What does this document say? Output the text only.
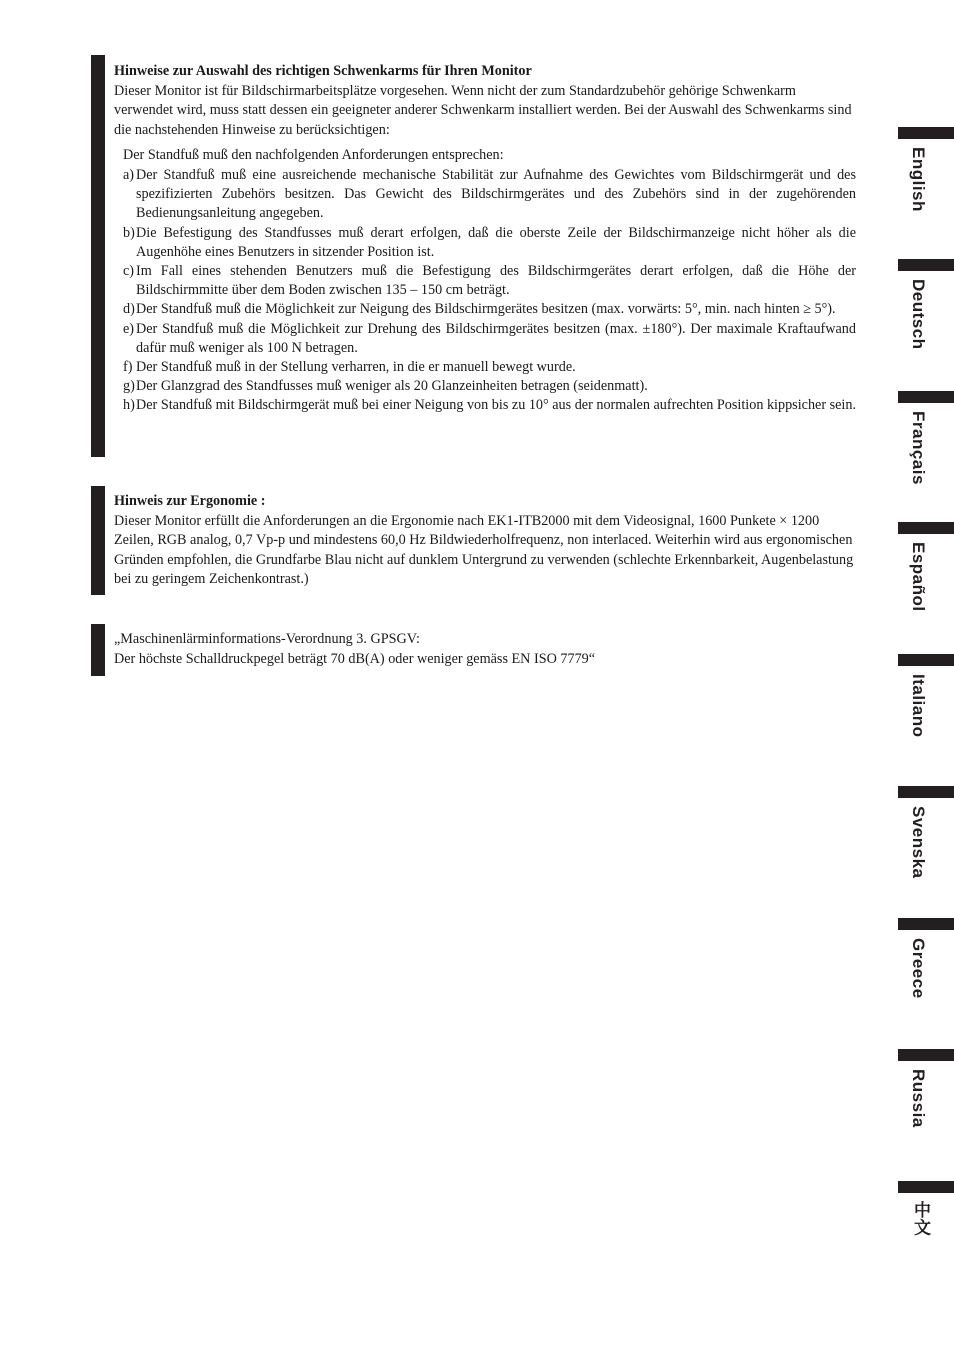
Hinweise zur Auswahl des richtigen Schwenkarms für Ihren Monitor
Dieser Monitor ist für Bildschirmarbeitsplätze vorgesehen. Wenn nicht der zum Standardzubehör gehörige Schwenkarm verwendet wird, muss statt dessen ein geeigneter anderer Schwenkarm installiert werden. Bei der Auswahl des Schwenkarms sind die nachstehenden Hinweise zu berücksichtigen:
Der Standfuß muß den nachfolgenden Anforderungen entsprechen:
a) Der Standfuß muß eine ausreichende mechanische Stabilität zur Aufnahme des Gewichtes vom Bildschirmgerät und des spezifizierten Zubehörs besitzen. Das Gewicht des Bildschirmgerätes und des Zubehörs sind in der zugehörenden Bedienungsanleitung angegeben.
b) Die Befestigung des Standfusses muß derart erfolgen, daß die oberste Zeile der Bildschirmanzeige nicht höher als die Augenhöhe eines Benutzers in sitzender Position ist.
c) Im Fall eines stehenden Benutzers muß die Befestigung des Bildschirmgerätes derart erfolgen, daß die Höhe der Bildschirmmitte über dem Boden zwischen 135 – 150 cm beträgt.
d) Der Standfuß muß die Möglichkeit zur Neigung des Bildschirmgerätes besitzen (max. vorwärts: 5°, min. nach hinten ≥ 5°).
e) Der Standfuß muß die Möglichkeit zur Drehung des Bildschirmgerätes besitzen (max. ±180°). Der maximale Kraftaufwand dafür muß weniger als 100 N betragen.
f) Der Standfuß muß in der Stellung verharren, in die er manuell bewegt wurde.
g) Der Glanzgrad des Standfusses muß weniger als 20 Glanzeinheiten betragen (seidenmatt).
h) Der Standfuß mit Bildschirmgerät muß bei einer Neigung von bis zu 10° aus der normalen aufrechten Position kippsicher sein.
Hinweis zur Ergonomie :
Dieser Monitor erfüllt die Anforderungen an die Ergonomie nach EK1-ITB2000 mit dem Videosignal, 1600 Punkete × 1200 Zeilen, RGB analog, 0,7 Vp-p und mindestens 60,0 Hz Bildwiederholfrequenz, non interlaced. Weiterhin wird aus ergonomischen Gründen empfohlen, die Grundfarbe Blau nicht auf dunklem Untergrund zu verwenden (schlechte Erkennbarkeit, Augenbelastung bei zu geringem Zeichenkontrast.)
„Maschinenlärminformations-Verordnung 3. GPSGV:
Der höchste Schalldruckpegel beträgt 70 dB(A) oder weniger gemäss EN ISO 7779“
English
Deutsch
Français
Español
Italiano
Svenska
Greece
Russia
中文
